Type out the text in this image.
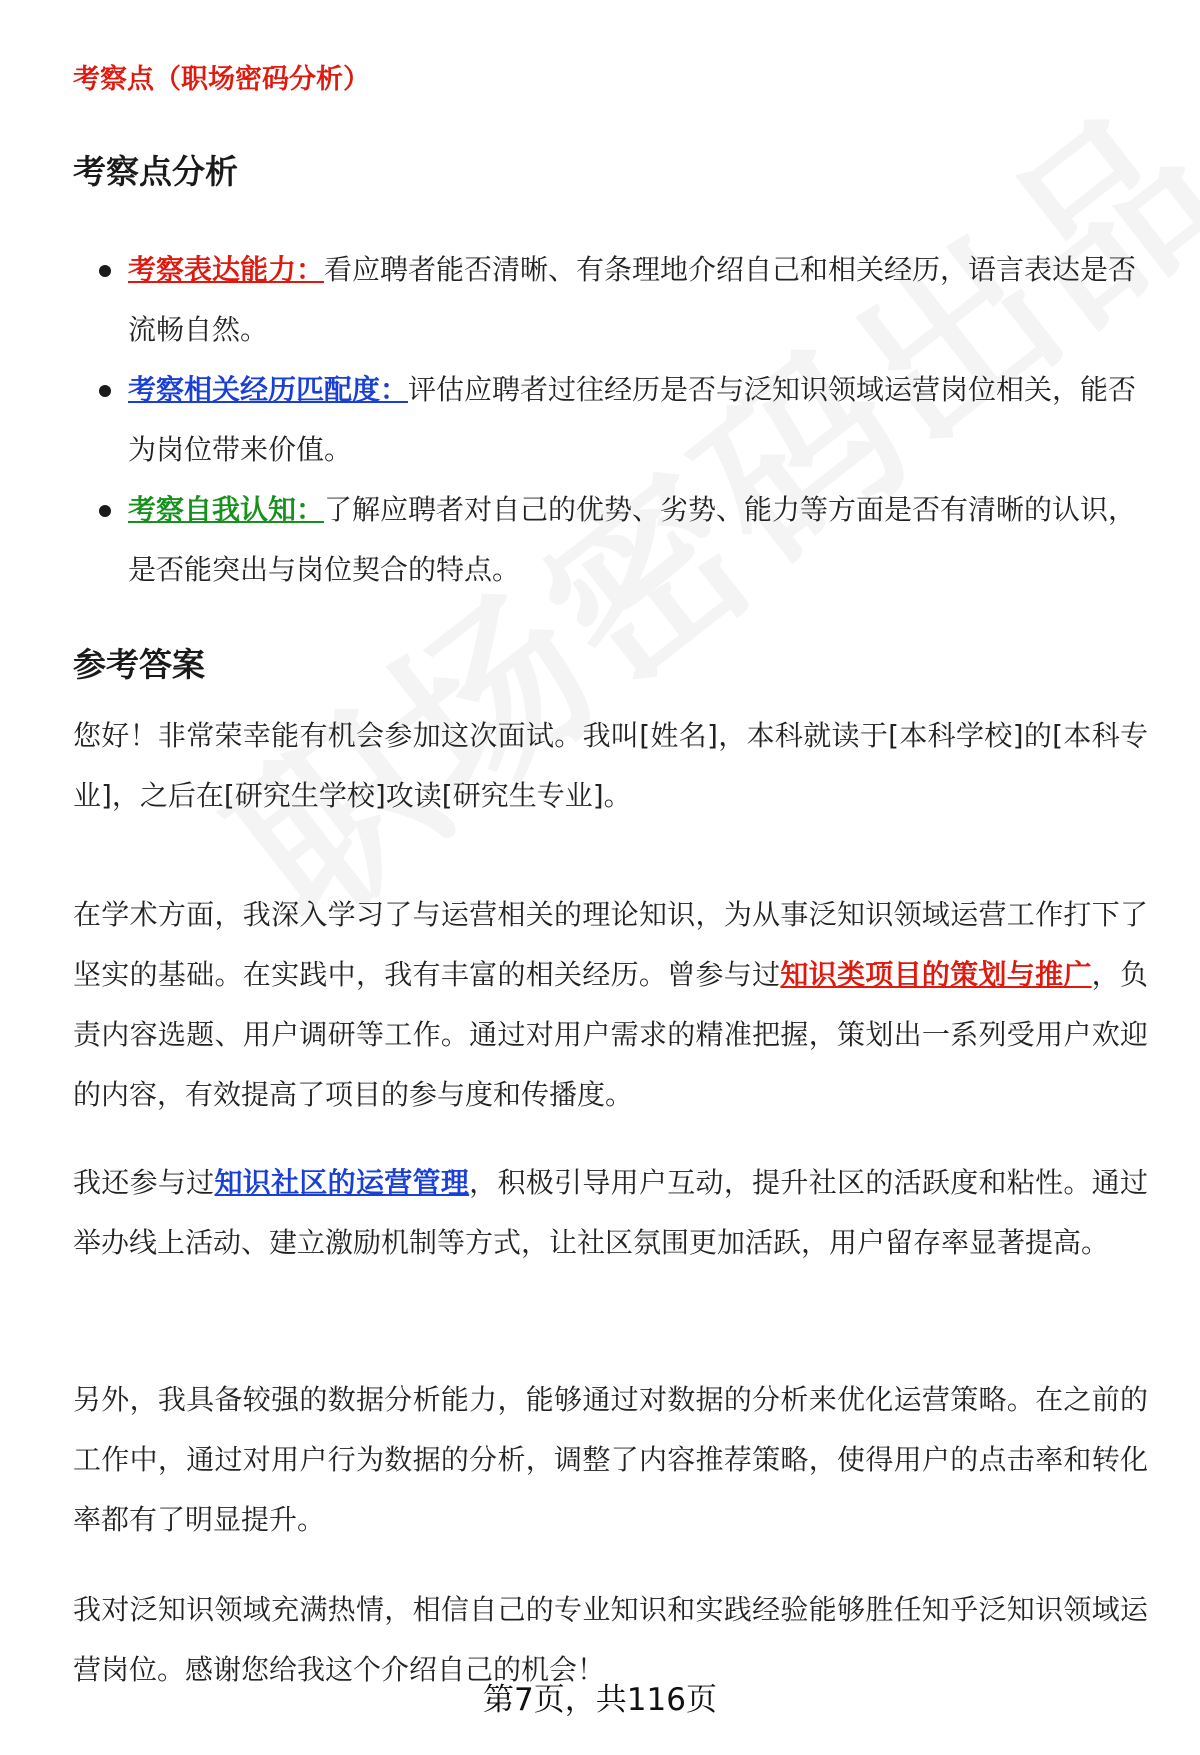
考察点（职场密码分析）
考察点分析
考察表达能力：看应聘者能否清晰、有条理地介绍自己和相关经历，语言表达是否流畅自然。
考察相关经历匹配度：评估应聘者过往经历是否与泛知识领域运营岗位相关，能否为岗位带来价值。
考察自我认知：了解应聘者对自己的优势、劣势、能力等方面是否有清晰的认识，是否能突出与岗位契合的特点。
参考答案

您好！非常荣幸能有机会参加这次面试。我叫[姓名]，本科就读于[本科学校]的[本科专业]，之后在[研究生学校]攻读[研究生专业]。

在学术方面，我深入学习了与运营相关的理论知识，为从事泛知识领域运营工作打下了坚实的基础。在实践中，我有丰富的相关经历。曾参与过知识类项目的策划与推广，负责内容选题、用户调研等工作。通过对用户需求的精准把握，策划出一系列受用户欢迎的内容，有效提高了项目的参与度和传播度。

我还参与过知识社区的运营管理，积极引导用户互动，提升社区的活跃度和粘性。通过举办线上活动、建立激励机制等方式，让社区氛围更加活跃，用户留存率显著提高。

另外，我具备较强的数据分析能力，能够通过对数据的分析来优化运营策略。在之前的工作中，通过对用户行为数据的分析，调整了内容推荐策略，使得用户的点击率和转化率都有了明显提升。

我对泛知识领域充满热情，相信自己的专业知识和实践经验能够胜任知乎泛知识领域运营岗位。感谢您给我这个介绍自己的机会！

第7页，共116页
